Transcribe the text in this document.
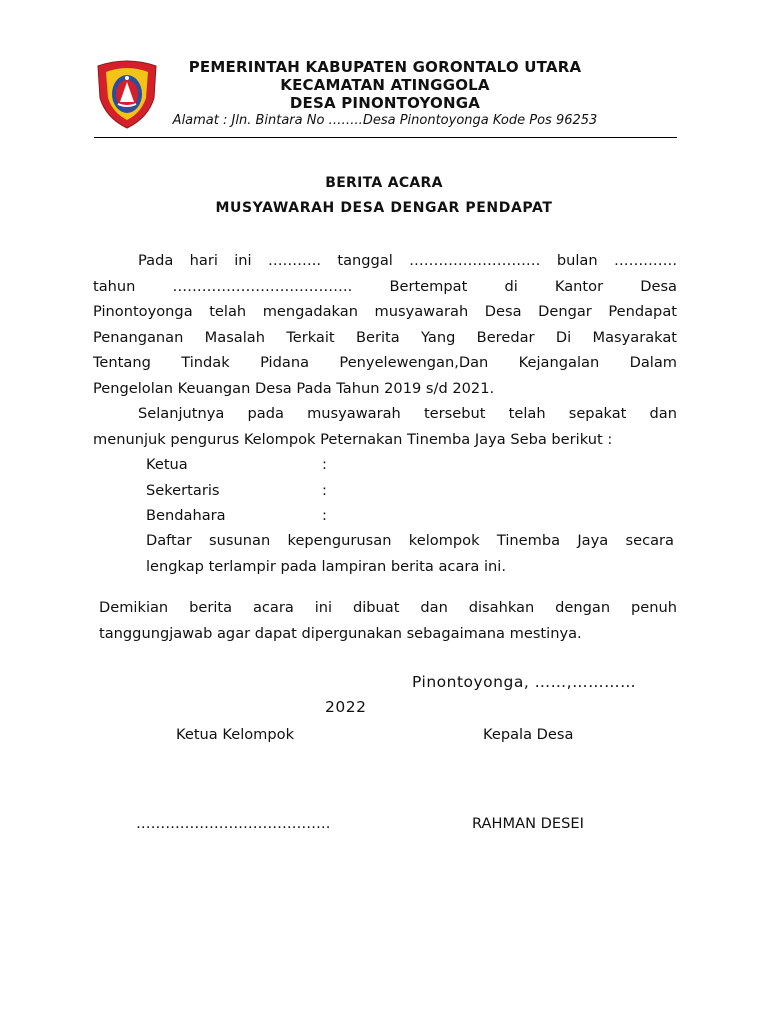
PEMERINTAH KABUPATEN GORONTALO UTARA
KECAMATAN ATINGGOLA
DESA PINONTOYONGA
Alamat : Jln. Bintara No ……..Desa Pinontoyonga Kode Pos 96253
BERITA ACARA
MUSYAWARAH DESA DENGAR PENDAPAT
Pada hari ini ……….. tanggal ……………………… bulan ………….
tahun ………………………………. Bertempat di Kantor Desa
Pinontoyonga telah mengadakan musyawarah Desa Dengar Pendapat
Penanganan Masalah Terkait Berita Yang Beredar Di Masyarakat
Tentang Tindak Pidana Penyelewengan,Dan Kejangalan Dalam
Pengelolan Keuangan Desa Pada Tahun 2019 s/d 2021.
Selanjutnya pada musyawarah tersebut telah sepakat dan
menunjuk pengurus Kelompok Peternakan Tinemba Jaya Seba berikut :
Ketua	:
Sekertaris	:
Bendahara	:
Daftar susunan kepengurusan kelompok Tinemba Jaya secara
lengkap terlampir pada lampiran berita acara ini.
Demikian berita acara ini dibuat dan disahkan dengan penuh
tanggungjawab agar dapat dipergunakan sebagaimana mestinya.
Pinontoyonga, ……,…………
2022
Ketua Kelompok	Kepala Desa
………………………………….	RAHMAN DESEI
